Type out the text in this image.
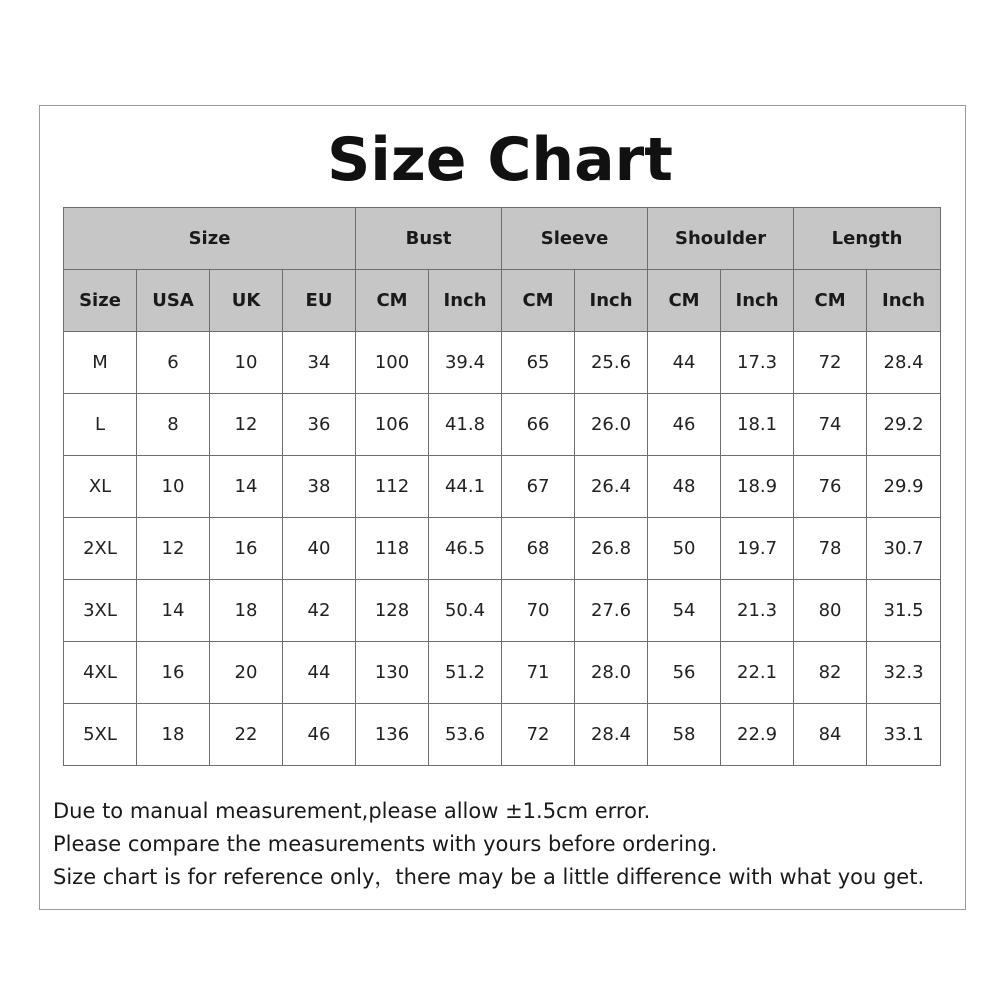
Size Chart
Size				Bust		Sleeve		Shoulder		Length	
Size	USA	UK	EU	CM	Inch	CM	Inch	CM	Inch	CM	Inch
M	6	10	34	100	39.4	65	25.6	44	17.3	72	28.4
L	8	12	36	106	41.8	66	26.0	46	18.1	74	29.2
XL	10	14	38	112	44.1	67	26.4	48	18.9	76	29.9
2XL	12	16	40	118	46.5	68	26.8	50	19.7	78	30.7
3XL	14	18	42	128	50.4	70	27.6	54	21.3	80	31.5
4XL	16	20	44	130	51.2	71	28.0	56	22.1	82	32.3
5XL	18	22	46	136	53.6	72	28.4	58	22.9	84	33.1
Due to manual measurement,please allow ±1.5cm error.
Please compare the measurements with yours before ordering.
Size chart is for reference only，there may be a little difference with what you get.
